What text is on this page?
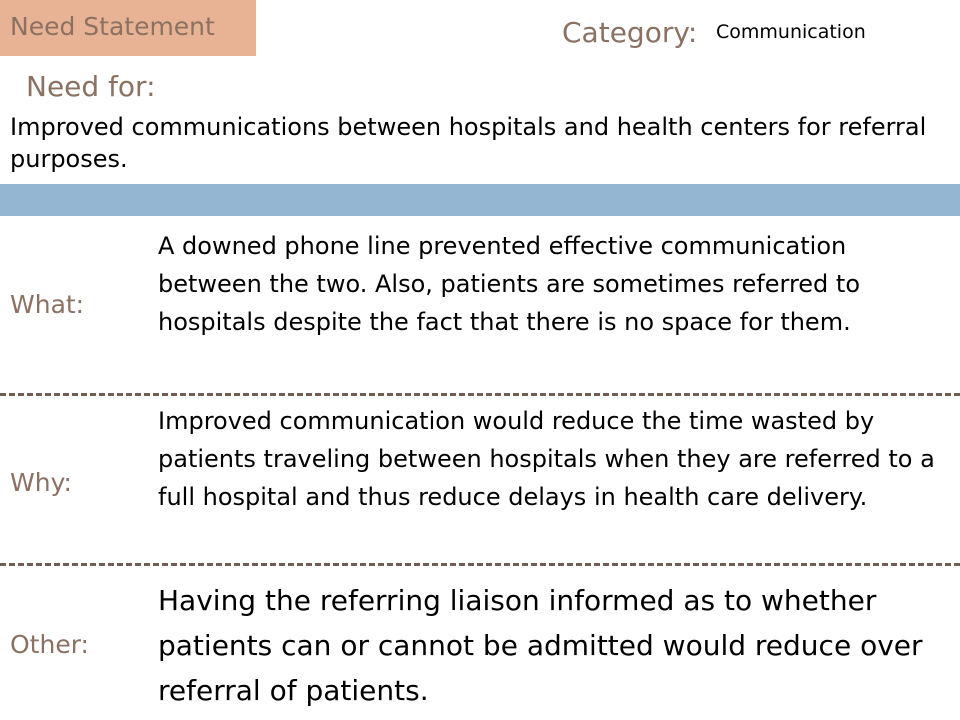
Need Statement	Category: Communication
Need for:
Improved communications between hospitals and health centers for referral purposes.
What:
A downed phone line prevented effective communication between the two. Also, patients are sometimes referred to hospitals despite the fact that there is no space for them.
Why:
Improved communication would reduce the time wasted by patients traveling between hospitals when they are referred to a full hospital and thus reduce delays in health care delivery.
Other:
Having the referring liaison informed as to whether patients can or cannot be admitted would reduce over referral of patients.
